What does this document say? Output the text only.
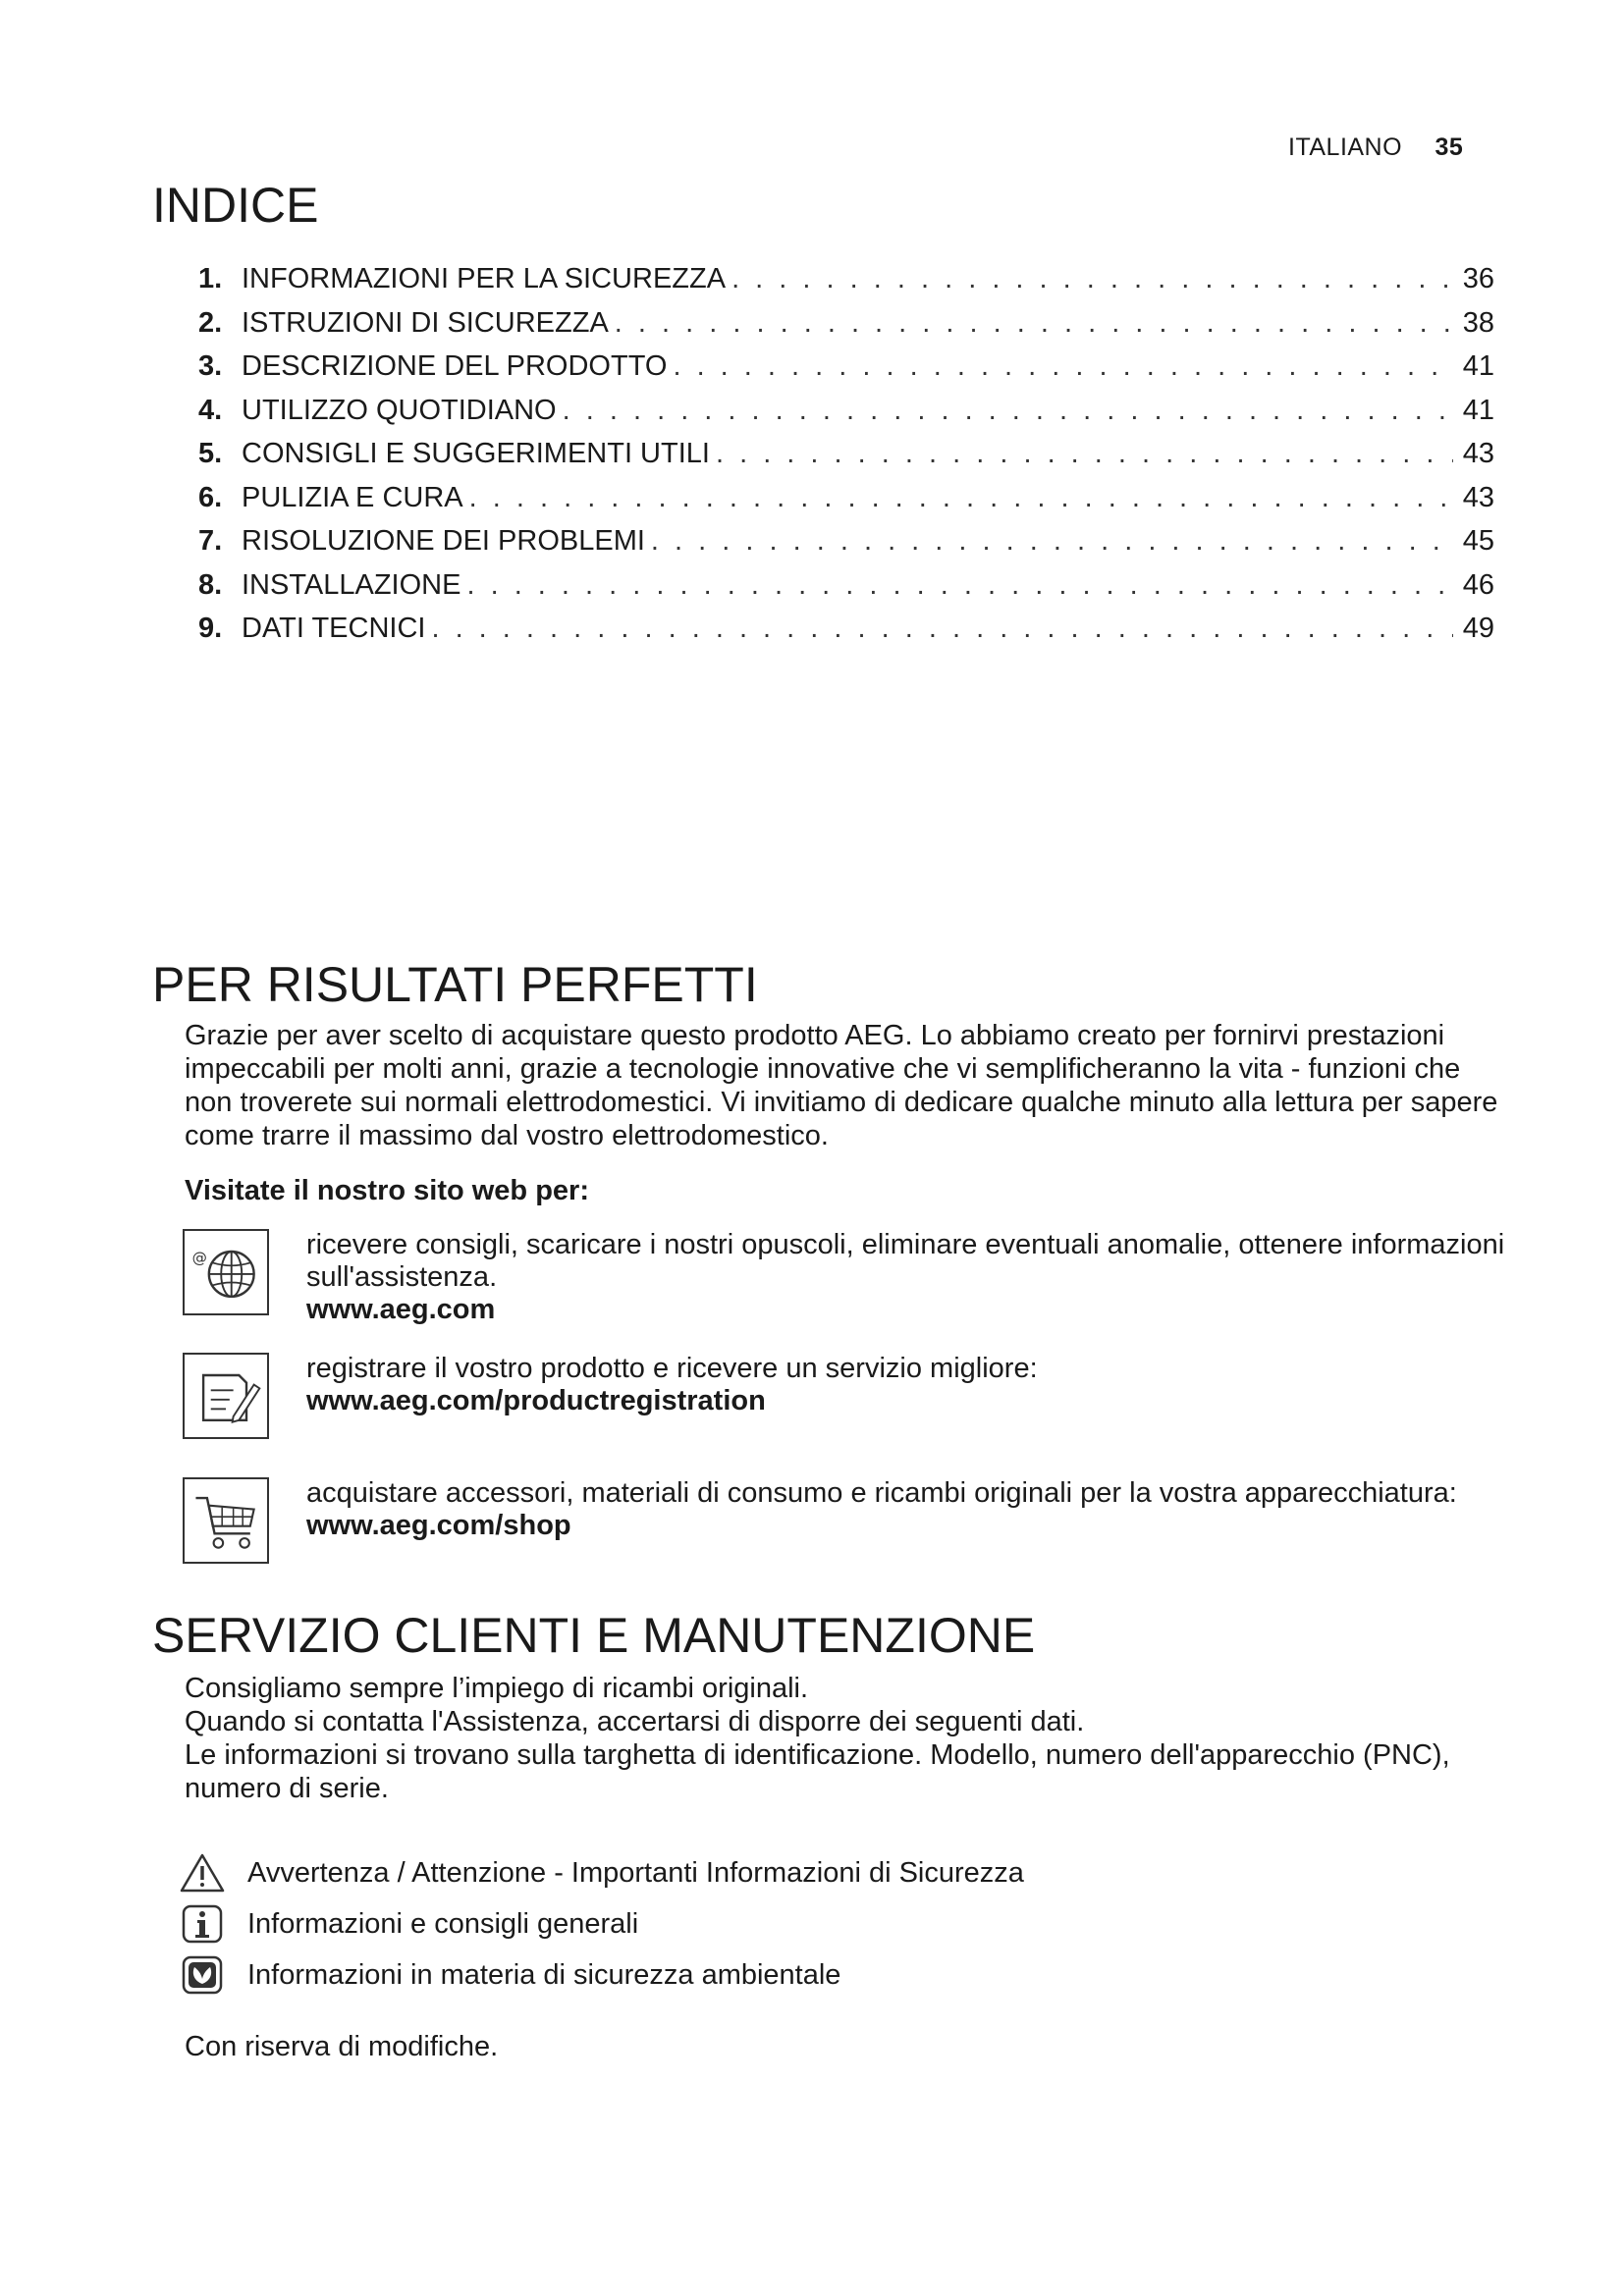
ITALIANO 35
INDICE
1. INFORMAZIONI PER LA SICUREZZA . . .	36
2. ISTRUZIONI DI SICUREZZA . . .	38
3. DESCRIZIONE DEL PRODOTTO . . .	41
4. UTILIZZO QUOTIDIANO . . .	41
5. CONSIGLI E SUGGERIMENTI UTILI . . .	43
6. PULIZIA E CURA . . .	43
7. RISOLUZIONE DEI PROBLEMI . . .	45
8. INSTALLAZIONE . . .	46
9. DATI TECNICI . . .	49
PER RISULTATI PERFETTI
Grazie per aver scelto di acquistare questo prodotto AEG. Lo abbiamo creato per fornirvi prestazioni impeccabili per molti anni, grazie a tecnologie innovative che vi semplificheranno la vita - funzioni che non troverete sui normali elettrodomestici. Vi invitiamo di dedicare qualche minuto alla lettura per sapere come trarre il massimo dal vostro elettrodomestico.
Visitate il nostro sito web per:
@	ricevere consigli, scaricare i nostri opuscoli, eliminare eventuali anomalie, ottenere informazioni sull'assistenza.
www.aeg.com
registrare il vostro prodotto e ricevere un servizio migliore:
www.aeg.com/productregistration
acquistare accessori, materiali di consumo e ricambi originali per la vostra apparecchiatura:
www.aeg.com/shop
SERVIZIO CLIENTI E MANUTENZIONE
Consigliamo sempre l’impiego di ricambi originali.
Quando si contatta l'Assistenza, accertarsi di disporre dei seguenti dati.
Le informazioni si trovano sulla targhetta di identificazione. Modello, numero dell'apparecchio (PNC), numero di serie.
Avvertenza / Attenzione - Importanti Informazioni di Sicurezza
Informazioni e consigli generali
Informazioni in materia di sicurezza ambientale
Con riserva di modifiche.
